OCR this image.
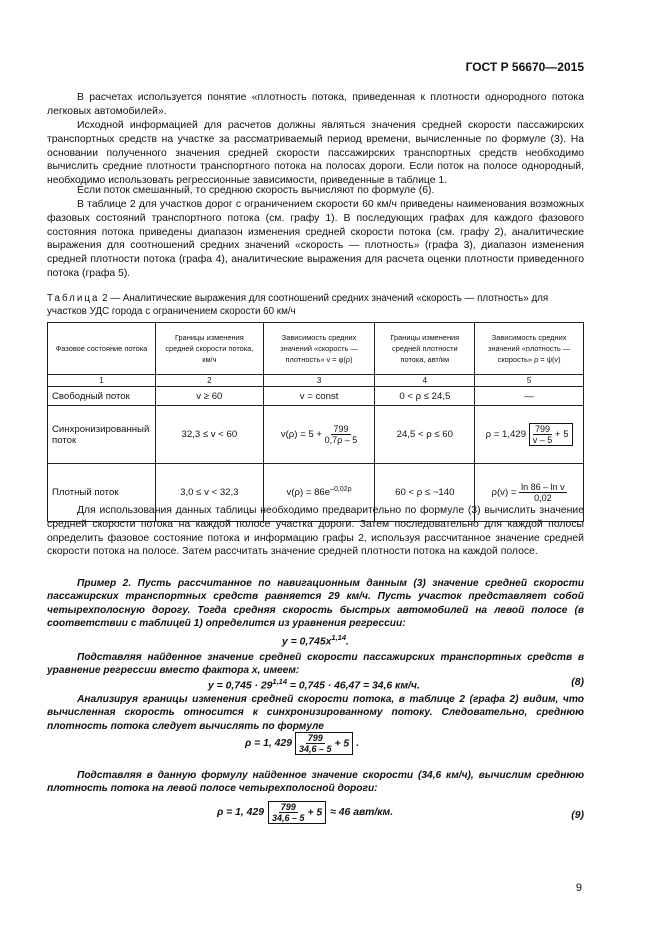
ГОСТ Р 56670—2015
В расчетах используется понятие «плотность потока, приведенная к плотности однородного потока легковых автомобилей».
Исходной информацией для расчетов должны являться значения средней скорости пассажирских транспортных средств на участке за рассматриваемый период времени, вычисленные по формуле (3). На основании полученного значения средней скорости пассажирских транспортных средств необходимо вычислить средние плотности транспортного потока на полосах дороги. Если поток на полосе однородный, необходимо использовать регрессионные зависимости, приведенные в таблице 1.
Если поток смешанный, то среднюю скорость вычисляют по формуле (6).
В таблице 2 для участков дорог с ограничением скорости 60 км/ч приведены наименования возможных фазовых состояний транспортного потока (см. графу 1). В последующих графах для каждого фазового состояния потока приведены диапазон изменения средней скорости потока (см. графу 2), аналитические выражения для соотношений средних значений «скорость — плотность» (графа 3), диапазон изменения средней плотности потока (графа 4), аналитические выражения для расчета оценки плотности приведенного потока (графа 5).
Таблица 2 — Аналитические выражения для соотношений средних значений «скорость — плотность» для участков УДС города с ограничением скорости 60 км/ч
Фазовое состояние потока	Границы изменения средней скорости потока, км/ч	Зависимость средних значений «скорость — плотность» v = φ(ρ)	Границы изменения средней плотности потока, авт/км	Зависимость средних значений «плотность — скорость» ρ = ψ(v)
1	2	3	4	5
Свободный поток	v ≥ 60	v = const	0 < ρ ≤ 24,5	—
Синхронизированный поток	32,3 ≤ v < 60	$v(\rho) = 5 + \frac{799}{0,7\rho - 5}$	24,5 < ρ ≤ 60	$\rho = 1,429 \frac{799}{v - 5} + 5$
Плотный поток	3,0 ≤ v < 32,3	$v(\rho) = 86e^{-0,02\rho}$	60 < ρ ≤ ~140	$\rho(v) = \frac{\text{ln 86 – ln v}}{0,02}$
Для использования данных таблицы необходимо предварительно по формуле (3) вычислить значение средней скорости потока на каждой полосе участка дороги. Затем последовательно для каждой полосы определить фазовое состояние потока и информацию графы 2, используя рассчитанное значение средней скорости потока на полосе. Затем рассчитать значение средней плотности потока на каждой полосе.
Пример 2. Пусть рассчитанное по навигационным данным (3) значение средней скорости пассажирских транспортных средств равняется 29 км/ч. Пусть участок представляет собой четырехполосную дорогу. Тогда средняя скорость быстрых автомобилей на левой полосе (в соответствии с таблицей 1) определится из уравнения регрессии:
$y = 0,745x^{1,14}$.
Подставляя найденное значение средней скорости пассажирских транспортных средств в уравнение регрессии вместо фактора x, имеем:
$y = 0,745 \cdot 29^{1,14} = 0,745 \cdot 46,47 = 34,6$ км/ч.	(8)
Анализируя границы изменения средней скорости потока, в таблице 2 (графа 2) видим, что вычисленная скорость относится к синхронизированному потоку. Следовательно, среднюю плотность потока следует вычислять по формуле
ρ = 1, $429 \frac{799}{34,6 - 5} + 5$ .
Подставляя в данную формулу найденное значение скорости (34,6 км/ч), вычислим среднюю плотность потока на левой полосе четырехполосной дороги:
ρ = 1, $429 \frac{799}{34,6 - 5} + 5 \approx 46$ авт/км.	(9)
9
